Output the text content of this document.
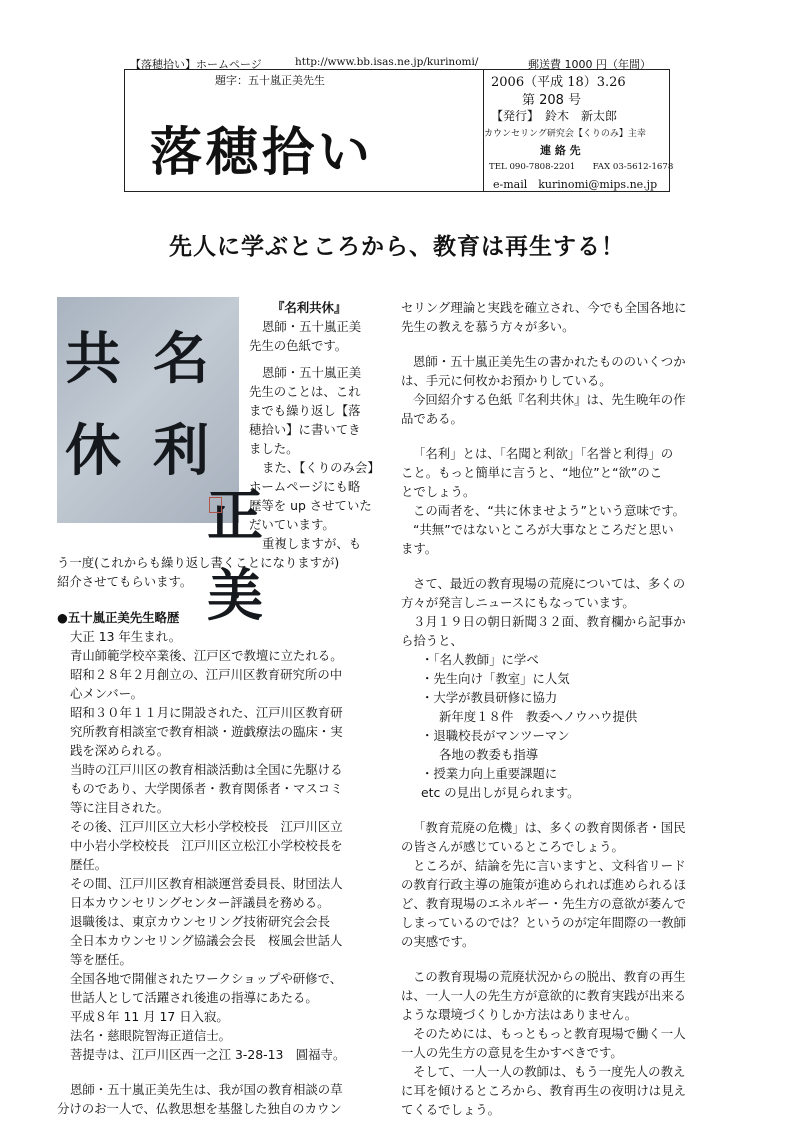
【落穂拾い】ホームページ	http://www.bb.isas.ne.jp/kurinomi/	郵送費 1000 円（年間）
題字：五十嵐正美先生
落穂拾い
2006（平成 18）3.26
第 208 号
【発行】　鈴木　新太郎
カウンセリング研究会【くりのみ】主幸
連 絡 先
TEL 090-7808-2201　　FAX 03-5612-1678
e-mail　kurinomi@mips.ne.jp
先人に学ぶところから、教育は再生する！
名
利
共
休
正美
『名利共休』
恩師・五十嵐正美
先生の色紙です。
恩師・五十嵐正美
先生のことは、これ
までも繰り返し【落
穂拾い】に書いてき
ました。
また、【くりのみ会】
ホームページにも略
歴等を up させていた
だいています。
重複しますが、も
う一度(これからも繰り返し書くことになりますが)
紹介させてもらいます。
●五十嵐正美先生略歴
大正 13 年生まれ。
青山師範学校卒業後、江戸区で教壇に立たれる。
昭和２８年２月創立の、江戸川区教育研究所の中
心メンバー。
昭和３０年１１月に開設された、江戸川区教育研
究所教育相談室で教育相談・遊戯療法の臨床・実
践を深められる。
当時の江戸川区の教育相談活動は全国に先駆ける
ものであり、大学関係者・教育関係者・マスコミ
等に注目された。
その後、江戸川区立大杉小学校校長　江戸川区立
中小岩小学校校長　江戸川区立松江小学校校長を
歴任。
その間、江戸川区教育相談運営委員長、財団法人
日本カウンセリングセンター評議員を務める。
退職後は、東京カウンセリング技術研究会会長
全日本カウンセリング協議会会長　桜風会世話人
等を歴任。
全国各地で開催されたワークショップや研修で、
世話人として活躍され後進の指導にあたる。
平成８年 11 月 17 日入寂。
法名・慈眼院智海正道信士。
菩提寺は、江戸川区西一之江 3-28-13　圓福寺。
恩師・五十嵐正美先生は、我が国の教育相談の草
分けのお一人で、仏教思想を基盤した独自のカウン
セリング理論と実践を確立され、今でも全国各地に
先生の教えを慕う方々が多い。
恩師・五十嵐正美先生の書かれたもののいくつか
は、手元に何枚かお預かりしている。
今回紹介する色紙『名利共休』は、先生晩年の作
品である。
「名利」とは、「名聞と利欲」「名誉と利得」の
こと。もっと簡単に言うと、“地位”と“欲”のこ
とでしょう。
この両者を、“共に休ませよう”という意味です。
“共無”ではないところが大事なところだと思い
ます。
さて、最近の教育現場の荒廃については、多くの
方々が発言しニュースにもなっています。
３月１９日の朝日新聞３２面、教育欄から記事か
ら拾うと、
・「名人教師」に学べ
・先生向け「教室」に人気
・大学が教員研修に協力
新年度１８件　教委へノウハウ提供
・退職校長がマンツーマン
各地の教委も指導
・授業力向上重要課題に
etc の見出しが見られます。
「教育荒廃の危機」は、多くの教育関係者・国民
の皆さんが感じているところでしょう。
ところが、結論を先に言いますと、文科省リード
の教育行政主導の施策が進められれば進められるほ
ど、教育現場のエネルギー・先生方の意欲が萎んで
しまっているのでは？というのが定年間際の一教師
の実感です。
この教育現場の荒廃状況からの脱出、教育の再生
は、一人一人の先生方が意欲的に教育実践が出来る
ような環境づくりしか方法はありません。
そのためには、もっともっと教育現場で働く一人
一人の先生方の意見を生かすべきです。
そして、一人一人の教師は、もう一度先人の教え
に耳を傾けるところから、教育再生の夜明けは見え
てくるでしょう。
